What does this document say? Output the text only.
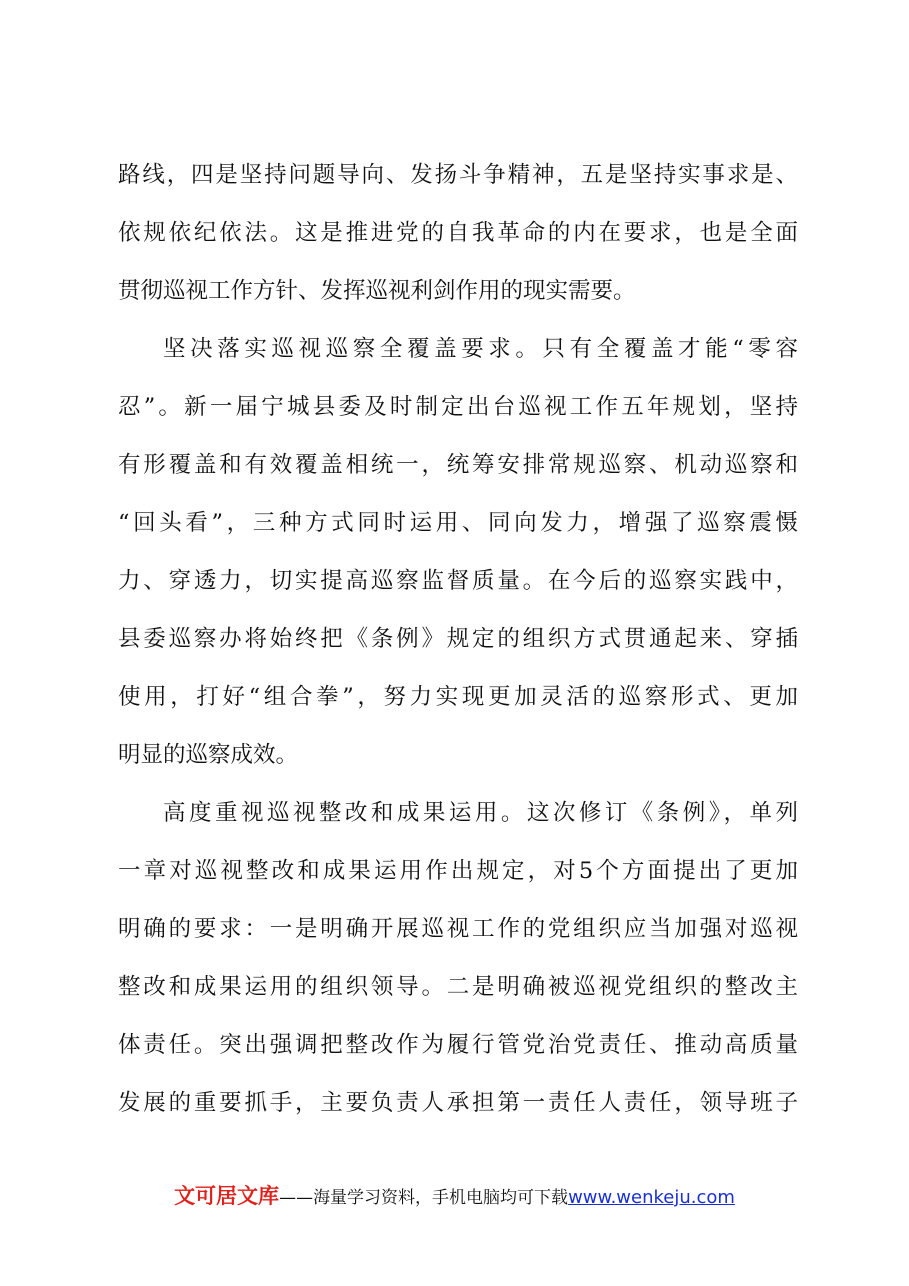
路线，四是坚持问题导向、发扬斗争精神，五是坚持实事求是、
依规依纪依法。这是推进党的自我革命的内在要求，也是全面
贯彻巡视工作方针、发挥巡视利剑作用的现实需要。
坚决落实巡视巡察全覆盖要求。只有全覆盖才能“零容
忍”。新一届宁城县委及时制定出台巡视工作五年规划，坚持
有形覆盖和有效覆盖相统一，统筹安排常规巡察、机动巡察和
“回头看”，三种方式同时运用、同向发力，增强了巡察震慑
力、穿透力，切实提高巡察监督质量。在今后的巡察实践中，
县委巡察办将始终把《条例》规定的组织方式贯通起来、穿插
使用，打好“组合拳”，努力实现更加灵活的巡察形式、更加
明显的巡察成效。
高度重视巡视整改和成果运用。这次修订《条例》，单列
一章对巡视整改和成果运用作出规定，对5个方面提出了更加
明确的要求：一是明确开展巡视工作的党组织应当加强对巡视
整改和成果运用的组织领导。二是明确被巡视党组织的整改主
体责任。突出强调把整改作为履行管党治党责任、推动高质量
发展的重要抓手，主要负责人承担第一责任人责任，领导班子
文可居文库——海量学习资料，手机电脑均可下载www.wenkeju.com
